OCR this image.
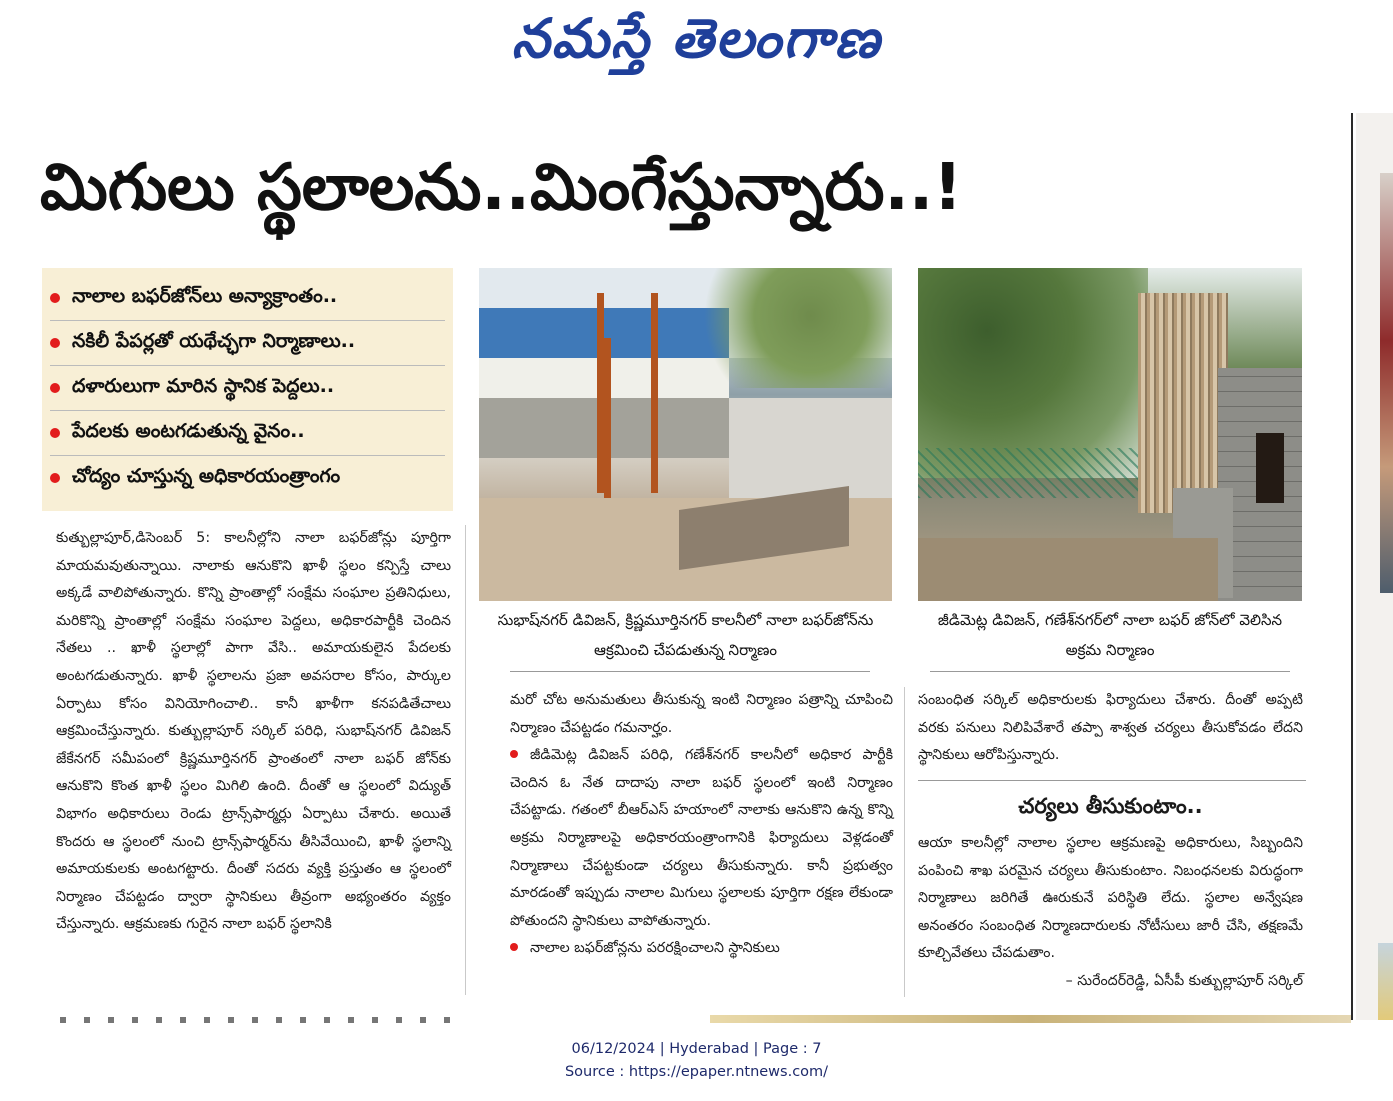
నమస్తే తెలంగాణ
మిగులు స్థలాలను..మింగేస్తున్నారు..!
నాలాల బఫర్‌జోన్‌లు అన్యాక్రాంతం..
నకిలీ పేపర్లతో యథేచ్ఛగా నిర్మాణాలు..
దళారులుగా మారిన స్థానిక పెద్దలు..
పేదలకు అంటగడుతున్న వైనం..
చోద్యం చూస్తున్న అధికారయంత్రాంగం

కుత్బుల్లాపూర్,డిసెంబర్ 5: కాలనీల్లోని నాలా బఫర్‌జోన్లు పూర్తిగా మాయమవుతున్నాయి. నాలాకు ఆనుకొని ఖాళీ స్థలం కన్పిస్తే చాలు అక్కడే వాలిపోతున్నారు. కొన్ని ప్రాంతాల్లో సంక్షేమ సంఘాల ప్రతినిధులు, మరికొన్ని ప్రాంతాల్లో సంక్షేమ సంఘాల పెద్దలు, అధికారపార్టీకి చెందిన నేతలు .. ఖాళీ స్థలాల్లో పాగా వేసి.. అమాయకులైన పేదలకు అంటగడుతున్నారు. ఖాళీ స్థలాలను ప్రజా అవసరాల కోసం, పార్కుల ఏర్పాటు కోసం వినియోగించాలి.. కానీ ఖాళీగా కనపడితేచాలు ఆక్రమించేస్తున్నారు. కుత్బుల్లాపూర్ సర్కిల్ పరిధి, సుభాష్‌నగర్ డివిజన్ జేకేనగర్ సమీపంలో క్రిష్ణమూర్తినగర్ ప్రాంతంలో నాలా బఫర్ జోన్‌కు ఆనుకొని కొంత ఖాళీ స్థలం మిగిలి ఉంది. దీంతో ఆ స్థలంలో విద్యుత్ విభాగం అధికారులు రెండు ట్రాన్స్‌ఫార్మర్లు ఏర్పాటు చేశారు. అయితే కొందరు ఆ స్థలంలో నుంచి ట్రాన్స్‌ఫార్మర్‌ను తీసివేయించి, ఖాళీ స్థలాన్ని అమాయకులకు అంటగట్టారు. దీంతో సదరు వ్యక్తి ప్రస్తుతం ఆ స్థలంలో నిర్మాణం చేపట్టడం ద్వారా స్థానికులు తీవ్రంగా అభ్యంతరం వ్యక్తం చేస్తున్నారు. ఆక్రమణకు గురైన నాలా బఫర్ స్థలానికి

సుభాష్‌నగర్ డివిజన్, క్రిష్ణమూర్తినగర్ కాలనీలో నాలా బఫర్‌జోన్‌ను ఆక్రమించి చేపడుతున్న నిర్మాణం
జీడిమెట్ల డివిజన్, గణేశ్‌నగర్‌లో నాలా బఫర్ జోన్‌లో వెలిసిన అక్రమ నిర్మాణం

మరో చోట అనుమతులు తీసుకున్న ఇంటి నిర్మాణం పత్రాన్ని చూపించి నిర్మాణం చేపట్టడం గమనార్హం.

జీడిమెట్ల డివిజన్ పరిధి, గణేశ్‌నగర్ కాలనీలో అధికార పార్టీకి చెందిన ఓ నేత దాదాపు నాలా బఫర్ స్థలంలో ఇంటి నిర్మాణం చేపట్టాడు. గతంలో బీఆర్‌ఎస్ హయాంలో నాలాకు ఆనుకొని ఉన్న కొన్ని అక్రమ నిర్మాణాలపై అధికారయంత్రాంగానికి ఫిర్యాదులు వెళ్లడంతో నిర్మాణాలు చేపట్టకుండా చర్యలు తీసుకున్నారు. కానీ ప్రభుత్వం మారడంతో ఇప్పుడు నాలాల మిగులు స్థలాలకు పూర్తిగా రక్షణ లేకుండా పోతుందని స్థానికులు వాపోతున్నారు.

నాలాల బఫర్‌జోన్లను పరరక్షించాలని స్థానికులు

సంబంధిత సర్కిల్ అధికారులకు ఫిర్యాదులు చేశారు. దీంతో అప్పటి వరకు పనులు నిలిపివేశారే తప్పా శాశ్వత చర్యలు తీసుకోవడం లేదని స్థానికులు ఆరోపిస్తున్నారు.

చర్యలు తీసుకుంటాం..

ఆయా కాలనీల్లో నాలాల స్థలాల ఆక్రమణపై అధికారులు, సిబ్బందిని పంపించి శాఖ పరమైన చర్యలు తీసుకుంటాం. నిబంధనలకు విరుద్ధంగా నిర్మాణాలు జరిగితే ఊరుకునే పరిస్థితి లేదు. స్థలాల అన్వేషణ అనంతరం సంబంధిత నిర్మాణదారులకు నోటీసులు జారీ చేసి, తక్షణమే కూల్చివేతలు చేపడుతాం.

– సురేందర్‌రెడ్డి, ఏసీపీ కుత్బుల్లాపూర్ సర్కిల్

06/12/2024 | Hyderabad | Page : 7
Source : https://epaper.ntnews.com/
